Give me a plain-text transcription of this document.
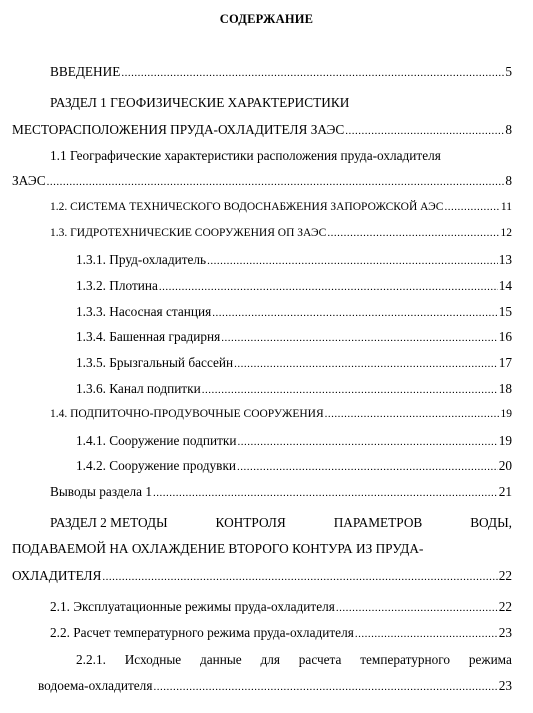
СОДЕРЖАНИЕ
ВВЕДЕНИЕ .....	5
РАЗДЕЛ 1 ГЕОФИЗИЧЕСКИЕ ХАРАКТЕРИСТИКИ
МЕСТОРАСПОЛОЖЕНИЯ ПРУДА-ОХЛАДИТЕЛЯ ЗАЭС .....	8
1.1 Географические характеристики расположения пруда-охладителя
ЗАЭС .....	8
1.2. СИСТЕМА ТЕХНИЧЕСКОГО ВОДОСНАБЖЕНИЯ ЗАПОРОЖСКОЙ АЭС .....	11
1.3. ГИДРОТЕХНИЧЕСКИЕ СООРУЖЕНИЯ ОП ЗАЭС .....	12
1.3.1. Пруд-охладитель .....	13
1.3.2. Плотина .....	14
1.3.3. Насосная станция .....	15
1.3.4. Башенная градирня .....	16
1.3.5. Брызгальный бассейн .....	17
1.3.6. Канал подпитки .....	18
1.4. ПОДПИТОЧНО-ПРОДУВОЧНЫЕ СООРУЖЕНИЯ .....	19
1.4.1. Сооружение подпитки .....	19
1.4.2. Сооружение продувки .....	20
Выводы раздела 1 .....	21
РАЗДЕЛ 2 МЕТОДЫ	КОНТРОЛЯ	ПАРАМЕТРОВ	ВОДЫ,
ПОДАВАЕМОЙ НА ОХЛАЖДЕНИЕ ВТОРОГО КОНТУРА ИЗ ПРУДА-
ОХЛАДИТЕЛЯ .....	22
2.1. Эксплуатационные режимы пруда-охладителя .....	22
2.2. Расчет температурного режима пруда-охладителя .....	23
2.2.1. Исходные данные для расчета температурного режима
водоема-охладителя .....	23
